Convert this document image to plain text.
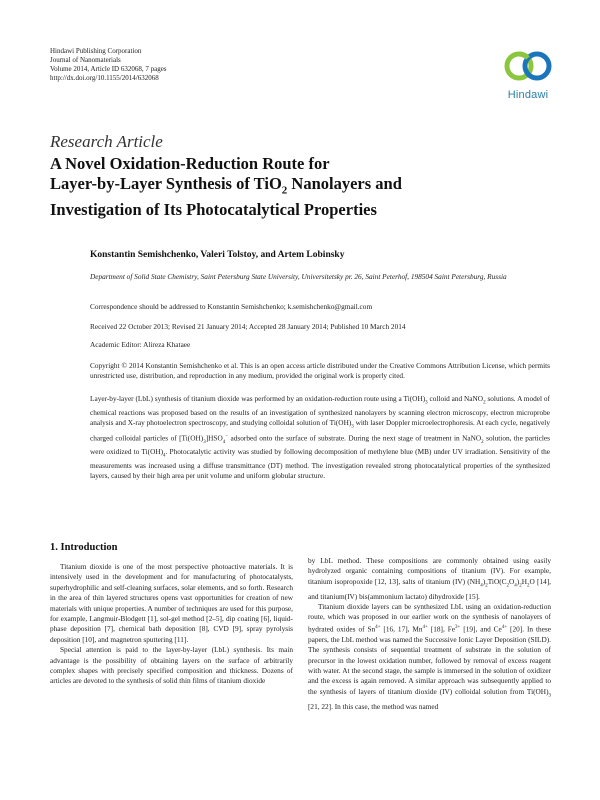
Hindawi Publishing Corporation
Journal of Nanomaterials
Volume 2014, Article ID 632068, 7 pages
http://dx.doi.org/10.1155/2014/632068
Hindawi
Research Article
A Novel Oxidation-Reduction Route for
Layer-by-Layer Synthesis of TiO$_2$ Nanolayers and
Investigation of Its Photocatalytical Properties
Konstantin Semishchenko, Valeri Tolstoy, and Artem Lobinsky
Department of Solid State Chemistry, Saint Petersburg State University, Universitetsky pr. 26, Saint Peterhof, 198504 Saint Petersburg, Russia
Correspondence should be addressed to Konstantin Semishchenko; k.semishchenko@gmail.com
Received 22 October 2013; Revised 21 January 2014; Accepted 28 January 2014; Published 10 March 2014
Academic Editor: Alireza Khataee
Copyright © 2014 Konstantin Semishchenko et al. This is an open access article distributed under the Creative Commons Attribution License, which permits unrestricted use, distribution, and reproduction in any medium, provided the original work is properly cited.
Layer-by-layer (LbL) synthesis of titanium dioxide was performed by an oxidation-reduction route using a $Ti(OH)_3$ colloid and NaNO$_2$ solutions. A model of chemical reactions was proposed based on the results of an investigation of synthesized nanolayers by scanning electron microscopy, electron microprobe analysis and X-ray photoelectron spectroscopy, and studying colloidal solution of $Ti(OH)_3$ with laser Doppler microelectrophoresis. At each cycle, negatively charged colloidal particles of $[Ti(OH)_3]HSO_4^-$ adsorbed onto the surface of substrate. During the next stage of treatment in NaNO$_2$ solution, the particles were oxidized to $Ti(OH)_4$. Photocatalytic activity was studied by following decomposition of methylene blue (MB) under UV irradiation. Sensitivity of the measurements was increased using a diffuse transmittance (DT) method. The investigation revealed strong photocatalytical properties of the synthesized layers, caused by their high area per unit volume and uniform globular structure.
1. Introduction

Titanium dioxide is one of the most perspective photoactive materials. It is intensively used in the development and for manufacturing of photocatalysts, superhydrophilic and self-cleaning surfaces, solar elements, and so forth. Research in the area of thin layered structures opens vast opportunities for creation of new materials with unique properties. A number of techniques are used for this purpose, for example, Langmuir-Blodgett [1], sol-gel method [2–5], dip coating [6], liquid-phase deposition [7], chemical bath deposition [8], CVD [9], spray pyrolysis deposition [10], and magnetron sputtering [11].

Special attention is paid to the layer-by-layer (LbL) synthesis. Its main advantage is the possibility of obtaining layers on the surface of arbitrarily complex shapes with precisely specified composition and thickness. Dozens of articles are devoted to the synthesis of solid thin films of titanium dioxide

by LbL method. These compositions are commonly obtained using easily hydrolyzed organic containing compositions of titanium (IV). For example, titanium isopropoxide [12, 13], salts of titanium (IV) $(NH_4)_2TiO(C_2O_4)_2H_2O$ [14], and titanium(IV) bis(ammonium lactato) dihydroxide [15].

Titanium dioxide layers can be synthesized LbL using an oxidation-reduction route, which was proposed in our earlier work on the synthesis of nanolayers of hydrated oxides of $Sn^{4+}$ [16, 17], $Mn^{4+}$ [18], $Fe^{3+}$ [19], and $Ce^{4+}$ [20]. In these papers, the LbL method was named the Successive Ionic Layer Deposition (SILD). The synthesis consists of sequential treatment of substrate in the solution of precursor in the lowest oxidation number, followed by removal of excess reagent with water. At the second stage, the sample is immersed in the solution of oxidizer and the excess is again removed. A similar approach was subsequently applied to the synthesis of layers of titanium dioxide (IV) colloidal solution from $Ti(OH)_3$ [21, 22]. In this case, the method was named
